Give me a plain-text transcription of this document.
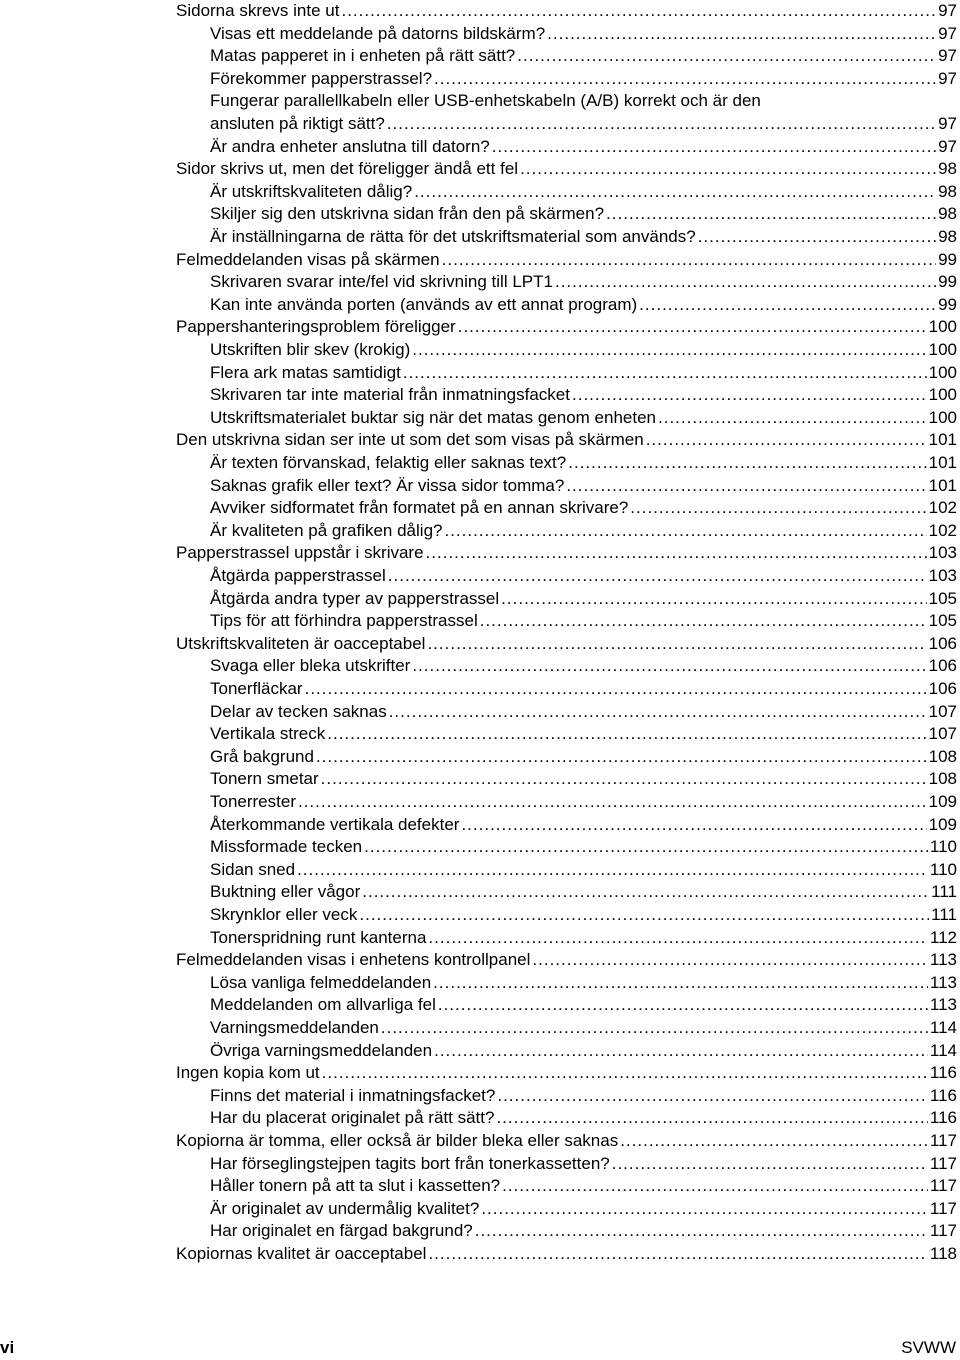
Sidorna skrevs inte ut .....	97
Visas ett meddelande på datorns bildskärm? .....	97
Matas papperet in i enheten på rätt sätt? .....	97
Förekommer papperstrassel? .....	97
Fungerar parallellkabeln eller USB-enhetskabeln (A/B) korrekt och är den
ansluten på riktigt sätt? .....	97
Är andra enheter anslutna till datorn? .....	97
Sidor skrivs ut, men det föreligger ändå ett fel .....	98
Är utskriftskvaliteten dålig? .....	98
Skiljer sig den utskrivna sidan från den på skärmen? .....	98
Är inställningarna de rätta för det utskriftsmaterial som används? .....	98
Felmeddelanden visas på skärmen .....	99
Skrivaren svarar inte/fel vid skrivning till LPT1 .....	99
Kan inte använda porten (används av ett annat program) .....	99
Pappershanteringsproblem föreligger .....	100
Utskriften blir skev (krokig) .....	100
Flera ark matas samtidigt .....	100
Skrivaren tar inte material från inmatningsfacket .....	100
Utskriftsmaterialet buktar sig när det matas genom enheten .....	100
Den utskrivna sidan ser inte ut som det som visas på skärmen .....	101
Är texten förvanskad, felaktig eller saknas text? .....	101
Saknas grafik eller text? Är vissa sidor tomma? .....	101
Avviker sidformatet från formatet på en annan skrivare? .....	102
Är kvaliteten på grafiken dålig? .....	102
Papperstrassel uppstår i skrivare .....	103
Åtgärda papperstrassel .....	103
Åtgärda andra typer av papperstrassel .....	105
Tips för att förhindra papperstrassel .....	105
Utskriftskvaliteten är oacceptabel .....	106
Svaga eller bleka utskrifter .....	106
Tonerfläckar .....	106
Delar av tecken saknas .....	107
Vertikala streck .....	107
Grå bakgrund .....	108
Tonern smetar .....	108
Tonerrester .....	109
Återkommande vertikala defekter .....	109
Missformade tecken .....	110
Sidan sned .....	110
Buktning eller vågor .....	111
Skrynklor eller veck .....	111
Tonerspridning runt kanterna .....	112
Felmeddelanden visas i enhetens kontrollpanel .....	113
Lösa vanliga felmeddelanden .....	113
Meddelanden om allvarliga fel .....	113
Varningsmeddelanden .....	114
Övriga varningsmeddelanden .....	114
Ingen kopia kom ut .....	116
Finns det material i inmatningsfacket? .....	116
Har du placerat originalet på rätt sätt? .....	116
Kopiorna är tomma, eller också är bilder bleka eller saknas .....	117
Har förseglingstejpen tagits bort från tonerkassetten? .....	117
Håller tonern på att ta slut i kassetten? .....	117
Är originalet av undermålig kvalitet? .....	117
Har originalet en färgad bakgrund? .....	117
Kopiornas kvalitet är oacceptabel .....	118
vi	SVWW
